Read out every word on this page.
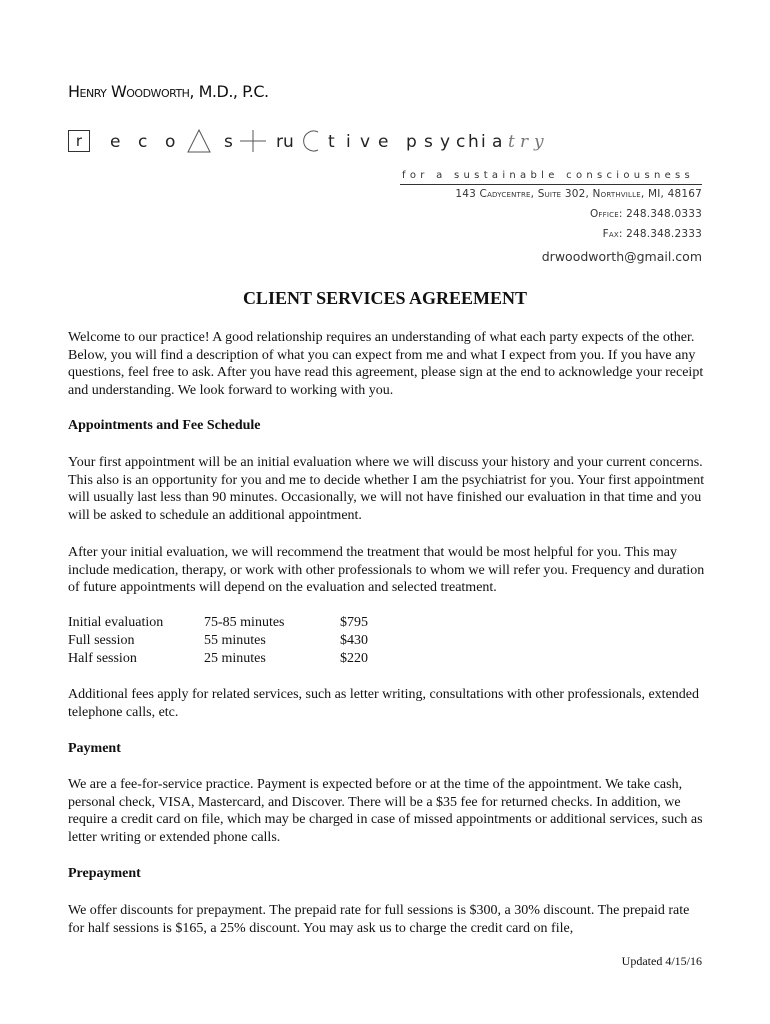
Henry Woodworth, M.D., P.C.
r	e c o	s	ru t i v e p s y c h i a t r y
for a sustainable consciousness
143 Cadycentre, Suite 302, Northville, MI, 48167
Office: 248.348.0333
Fax: 248.348.2333
drwoodworth@gmail.com
CLIENT SERVICES AGREEMENT
Welcome to our practice! A good relationship requires an understanding of what each party expects of the other. Below, you will find a description of what you can expect from me and what I expect from you. If you have any questions, feel free to ask. After you have read this agreement, please sign at the end to acknowledge your receipt and understanding. We look forward to working with you.
Appointments and Fee Schedule
Your first appointment will be an initial evaluation where we will discuss your history and your current concerns. This also is an opportunity for you and me to decide whether I am the psychiatrist for you. Your first appointment will usually last less than 90 minutes. Occasionally, we will not have finished our evaluation in that time and you will be asked to schedule an additional appointment.
After your initial evaluation, we will recommend the treatment that would be most helpful for you. This may include medication, therapy, or work with other professionals to whom we will refer you. Frequency and duration of future appointments will depend on the evaluation and selected treatment.
Initial evaluation	75-85 minutes	$795
Full session	55 minutes	$430
Half session	25 minutes	$220
Additional fees apply for related services, such as letter writing, consultations with other professionals, extended telephone calls, etc.
Payment
We are a fee-for-service practice. Payment is expected before or at the time of the appointment. We take cash, personal check, VISA, Mastercard, and Discover. There will be a $35 fee for returned checks. In addition, we require a credit card on file, which may be charged in case of missed appointments or additional services, such as letter writing or extended phone calls.
Prepayment
We offer discounts for prepayment. The prepaid rate for full sessions is $300, a 30% discount. The prepaid rate for half sessions is $165, a 25% discount. You may ask us to charge the credit card on file,
Updated 4/15/16
